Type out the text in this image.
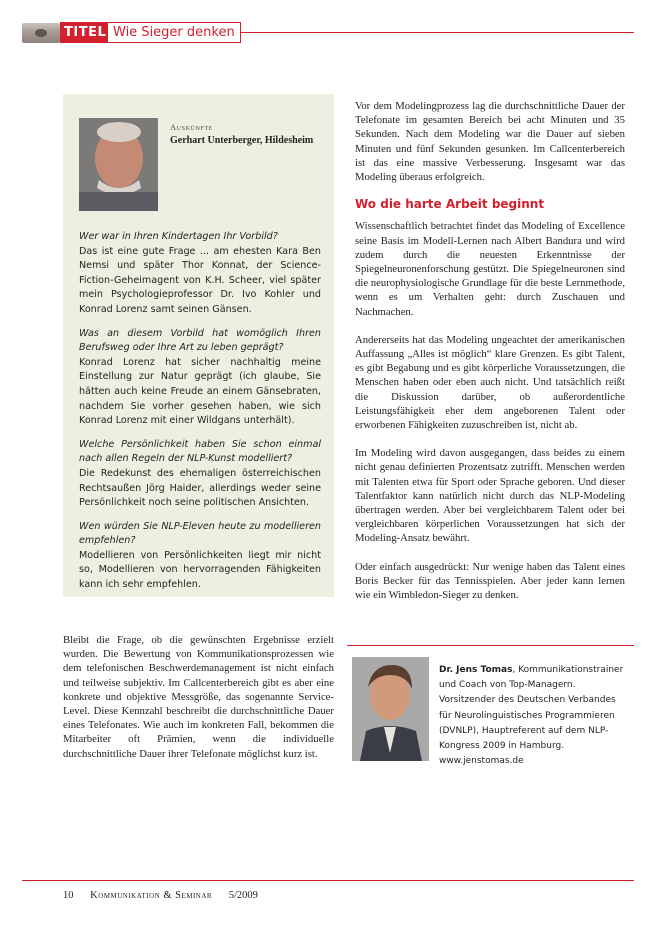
TITEL Wie Sieger denken
Auskünfte
Gerhart Unterberger, Hildesheim

Wer war in Ihren Kindertagen Ihr Vorbild?
Das ist eine gute Frage ... am ehesten Kara Ben Nemsi und später Thor Konnat, der Science-Fiction-Geheimagent von K.H. Scheer, viel später mein Psychologieprofessor Dr. Ivo Kohler und Konrad Lorenz samt seinen Gänsen.

Was an diesem Vorbild hat womöglich Ihren Berufsweg oder Ihre Art zu leben geprägt?
Konrad Lorenz hat sicher nachhaltig meine Einstellung zur Natur geprägt (ich glaube, Sie hätten auch keine Freude an einem Gänsebraten, nachdem Sie vorher gesehen haben, wie sich Konrad Lorenz mit einer Wildgans unterhält).

Welche Persönlichkeit haben Sie schon einmal nach allen Regeln der NLP-Kunst modelliert?
Die Redekunst des ehemaligen österreichischen Rechtsaußen Jörg Haider, allerdings weder seine Persönlichkeit noch seine politischen Ansichten.

Wen würden Sie NLP-Eleven heute zu modellieren empfehlen?
Modellieren von Persönlichkeiten liegt mir nicht so, Modellieren von hervorragenden Fähigkeiten kann ich sehr empfehlen.

Vor dem Modelingprozess lag die durchschnittliche Dauer der Telefonate im gesamten Bereich bei acht Minuten und 35 Sekunden. Nach dem Modeling war die Dauer auf sieben Minuten und fünf Sekunden gesunken. Im Callcenterbereich ist das eine massive Verbesserung. Insgesamt war das Modeling überaus erfolgreich.

Wo die harte Arbeit beginnt

Wissenschaftlich betrachtet findet das Modeling of Excellence seine Basis im Modell-Lernen nach Albert Bandura und wird zudem durch die neuesten Erkenntnisse der Spiegelneuronenforschung gestützt. Die Spiegelneuronen sind die neurophysiologische Grundlage für die beste Lernmethode, wenn es um Verhalten geht: durch Zuschauen und Nachmachen.

Andererseits hat das Modeling ungeachtet der amerikanischen Auffassung „Alles ist möglich“ klare Grenzen. Es gibt Talent, es gibt Begabung und es gibt körperliche Voraussetzungen, die Menschen haben oder eben auch nicht. Und tatsächlich reißt die Diskussion darüber, ob außerordentliche Leistungsfähigkeit eher dem angeborenen Talent oder erworbenen Fähigkeiten zuzuschreiben ist, nicht ab.

Im Modeling wird davon ausgegangen, dass beides zu einem nicht genau definierten Prozentsatz zutrifft. Menschen werden mit Talenten etwa für Sport oder Sprache geboren. Und dieser Talentfaktor kann natürlich nicht durch das NLP-Modeling übertragen werden. Aber bei vergleichbarem Talent oder bei vergleichbaren körperlichen Voraussetzungen hat sich der Modeling-Ansatz bewährt.

Oder einfach ausgedrückt: Nur wenige haben das Talent eines Boris Becker für das Tennisspielen. Aber jeder kann lernen wie ein Wimbledon-Sieger zu denken.

Bleibt die Frage, ob die gewünschten Ergebnisse erzielt wurden. Die Bewertung von Kommunikationsprozessen wie dem telefonischen Beschwerdemanagement ist nicht einfach und teilweise subjektiv. Im Callcenterbereich gibt es aber eine konkrete und objektive Messgröße, das sogenannte Service-Level. Diese Kennzahl beschreibt die durchschnittliche Dauer eines Telefonates. Wie auch im konkreten Fall, bekommen die Mitarbeiter oft Prämien, wenn die individuelle durchschnittliche Dauer ihrer Telefonate möglichst kurz ist.

Dr. Jens Tomas, Kommunikationstrainer und Coach von Top-Managern. Vorsitzender des Deutschen Verbandes für Neurolinguistisches Programmieren (DVNLP), Hauptreferent auf dem NLP-Kongress 2009 in Hamburg. www.jenstomas.de
10 Kommunikation & Seminar 5/2009
